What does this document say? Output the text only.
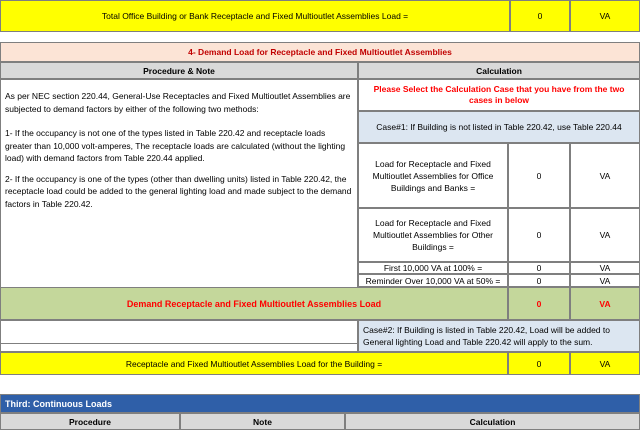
Total Office Building or Bank Receptacle and Fixed Multioutlet Assemblies Load =	0	VA
4- Demand Load for Receptacle and Fixed Multioutlet Assemblies
Procedure & Note	Calculation
As per NEC section 220.44, General-Use Receptacles and Fixed Multioutlet Assemblies are subjected to demand factors by either of the following two methods:
1- If the occupancy is not one of the types listed in Table 220.42 and receptacle loads greater than 10,000 volt-amperes, The receptacle loads are calculated (without the lighting load) with demand factors from Table 220.44 applied.
2- If the occupancy is one of the types (other than dwelling units) listed in Table 220.42, the receptacle load could be added to the general lighting load and made subject to the demand factors in Table 220.42.
Please Select the Calculation Case that you have from the two cases in below
Case#1: If Building is not listed in Table 220.42, use Table 220.44
Load for Receptacle and Fixed Multioutlet Assemblies for Office Buildings and Banks =
0	VA
Load for Receptacle and Fixed Multioutlet Assemblies for Other Buildings =
0	VA
First 10,000 VA at 100% =	0	VA
Reminder Over 10,000 VA at 50% =	0	VA
Demand Receptacle and Fixed Multioutlet Assemblies Load	0	VA
Case#2: If Building is listed in Table 220.42, Load will be added to General lighting Load and Table 220.42 will apply to the sum.
Receptacle and Fixed Multioutlet Assemblies Load for the Building =	0	VA
Third: Continuous Loads
Procedure	Note	Calculation
